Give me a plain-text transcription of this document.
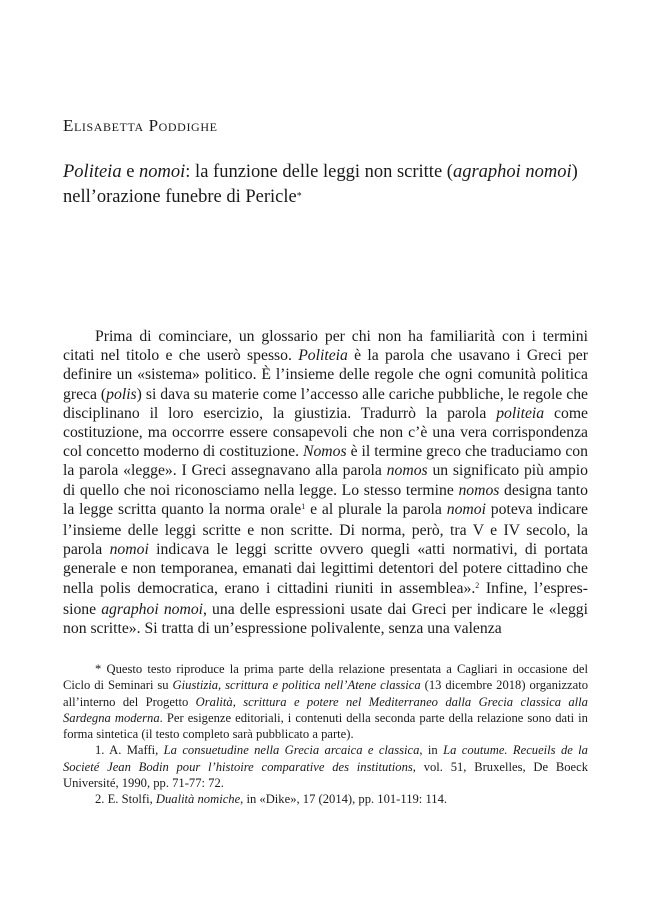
Elisabetta Poddighe
Politeia e nomoi: la funzione delle leggi non scritte (agraphoi nomoi) nell’orazione funebre di Pericle*

Prima di cominciare, un glossario per chi non ha familiarità con i termini citati nel titolo e che userò spesso. Politeia è la parola che usavano i Greci per definire un «sistema» politico. È l’insieme delle regole che ogni comunità politica greca (polis) si dava su materie come l’accesso alle cariche pubbliche, le regole che disciplinano il loro esercizio, la giustizia. Tradurrò la parola politeia come costituzione, ma occorrre essere consapevoli che non c’è una vera corrispondenza col concetto moderno di costituzione. Nomos è il termine greco che traduciamo con la parola «legge». I Greci assegnavano alla parola nomos un significato più ampio di quello che noi riconosciamo nella legge. Lo stesso termine nomos designa tanto la legge scritta quanto la norma orale$^1$ e al plurale la parola nomoi poteva indicare l’insieme delle leggi scritte e non scritte. Di norma, però, tra V e IV secolo, la parola nomoi indicava le leggi scritte ovvero quegli «atti normativi, di portata generale e non temporanea, emanati dai legittimi detentori del potere cittadino che nella polis democratica, erano i cittadini riuniti in assemblea».$^2$ Infine, l’espressione agraphoi nomoi, una delle espressioni usate dai Greci per indicare le «leggi non scritte». Si tratta di un’espressione polivalente, senza una valenza

* Questo testo riproduce la prima parte della relazione presentata a Cagliari in occasione del Ciclo di Seminari su Giustizia, scrittura e politica nell’Atene classica (13 dicembre 2018) organizzato all’interno del Progetto Oralità, scrittura e potere nel Mediterraneo dalla Grecia classica alla Sardegna moderna. Per esigenze editoriali, i contenuti della seconda parte della relazione sono dati in forma sintetica (il testo completo sarà pubblicato a parte).

1. A. Maffi, La consuetudine nella Grecia arcaica e classica, in La coutume. Recueils de la Societé Jean Bodin pour l’histoire comparative des institutions, vol. 51, Bruxelles, De Boeck Université, 1990, pp. 71-77: 72.

2. E. Stolfi, Dualità nomiche, in «Dike», 17 (2014), pp. 101-119: 114.
